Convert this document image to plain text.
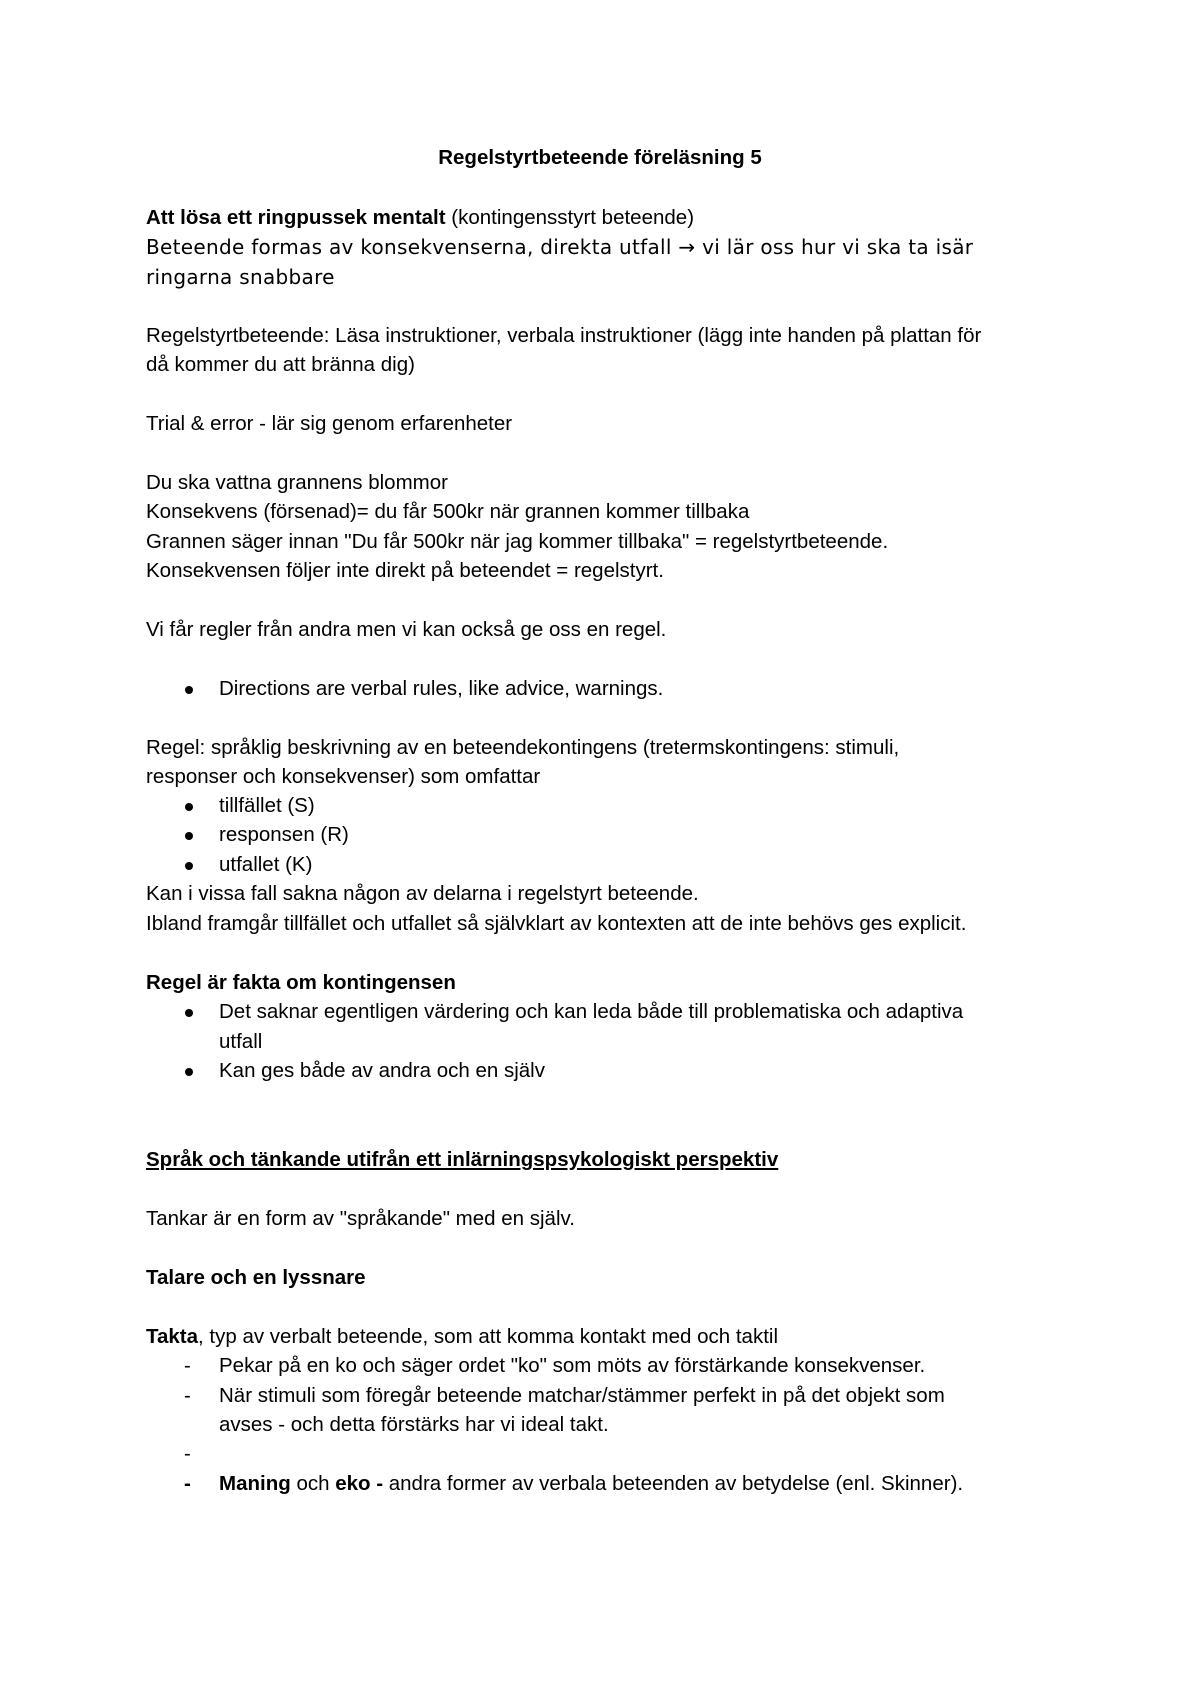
Regelstyrtbeteende föreläsning 5
Att lösa ett ringpussek mentalt (kontingensstyrt beteende)
Beteende formas av konsekvenserna, direkta utfall → vi lär oss hur vi ska ta isär
ringarna snabbare
Regelstyrtbeteende: Läsa instruktioner, verbala instruktioner (lägg inte handen på plattan för
då kommer du att bränna dig)
Trial & error - lär sig genom erfarenheter
Du ska vattna grannens blommor
Konsekvens (försenad)= du får 500kr när grannen kommer tillbaka
Grannen säger innan "Du får 500kr när jag kommer tillbaka" = regelstyrtbeteende.
Konsekvensen följer inte direkt på beteendet = regelstyrt.
Vi får regler från andra men vi kan också ge oss en regel.
Directions are verbal rules, like advice, warnings.
Regel: språklig beskrivning av en beteendekontingens (tretermskontingens: stimuli,
responser och konsekvenser) som omfattar
tillfället (S)
responsen (R)
utfallet (K)
Kan i vissa fall sakna någon av delarna i regelstyrt beteende.
Ibland framgår tillfället och utfallet så självklart av kontexten att de inte behövs ges explicit.
Regel är fakta om kontingensen
Det saknar egentligen värdering och kan leda både till problematiska och adaptiva
utfall
Kan ges både av andra och en själv
Språk och tänkande utifrån ett inlärningspsykologiskt perspektiv
Tankar är en form av "språkande" med en själv.
Talare och en lyssnare
Takta, typ av verbalt beteende, som att komma kontakt med och taktil
- Pekar på en ko och säger ordet "ko" som möts av förstärkande konsekvenser.
- När stimuli som föregår beteende matchar/stämmer perfekt in på det objekt som
avses - och detta förstärks har vi ideal takt.
-
- Maning och eko - andra former av verbala beteenden av betydelse (enl. Skinner).
